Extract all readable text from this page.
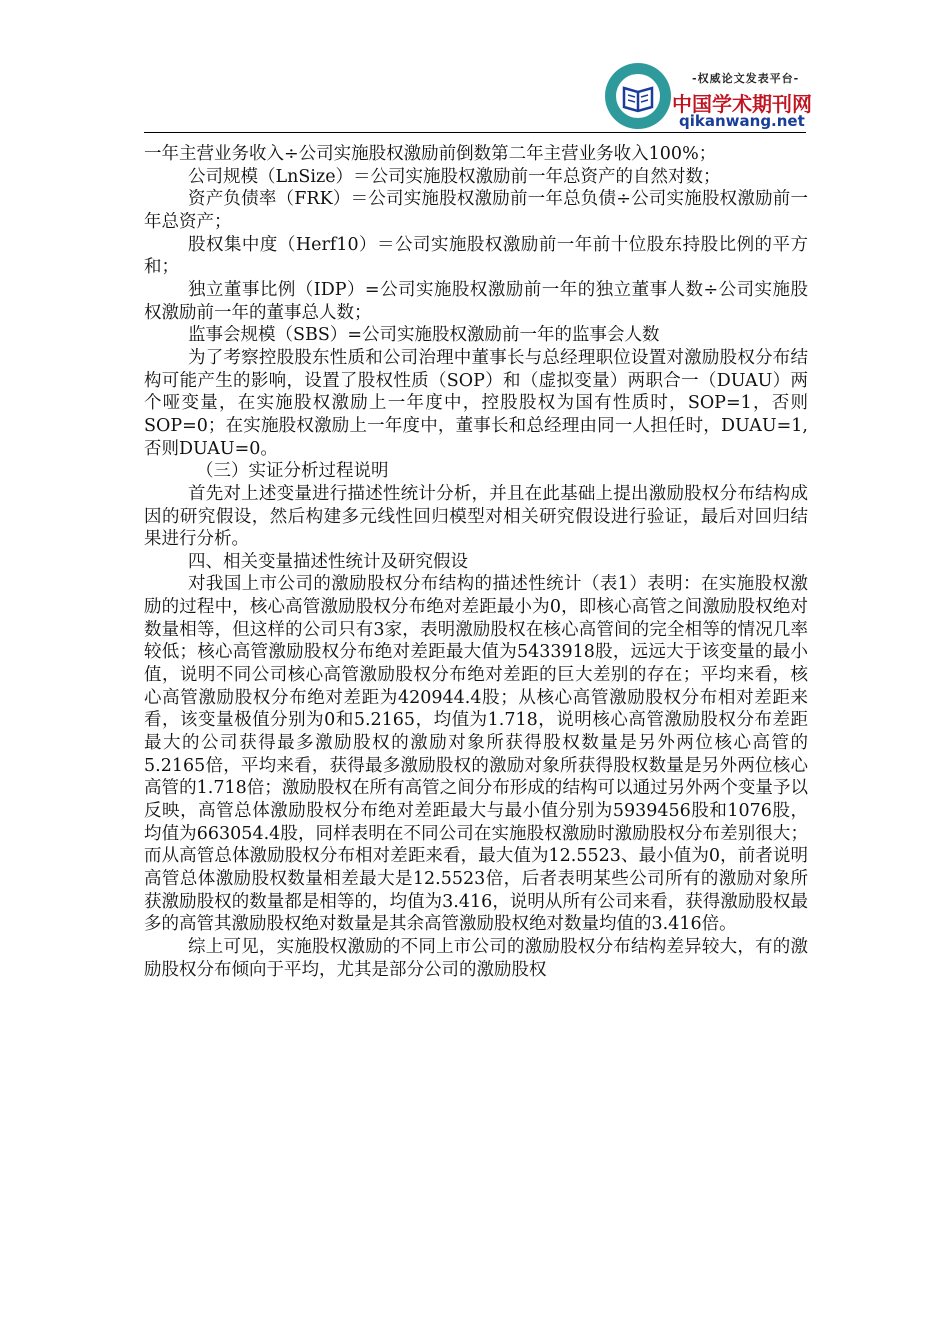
-权威论文发表平台-
中国学术期刊网
qikanwang.net

一年主营业务收入÷公司实施股权激励前倒数第二年主营业务收入100%；

公司规模（LnSize）＝公司实施股权激励前一年总资产的自然对数；

资产负债率（FRK）＝公司实施股权激励前一年总负债÷公司实施股权激励前一年总资产；

股权集中度（Herf10）＝公司实施股权激励前一年前十位股东持股比例的平方和；

独立董事比例（IDP）=公司实施股权激励前一年的独立董事人数÷公司实施股权激励前一年的董事总人数；

监事会规模（SBS）=公司实施股权激励前一年的监事会人数

为了考察控股股东性质和公司治理中董事长与总经理职位设置对激励股权分布结构可能产生的影响，设置了股权性质（SOP）和（虚拟变量）两职合一（DUAU）两个哑变量，在实施股权激励上一年度中，控股股权为国有性质时，SOP=1，否则SOP=0；在实施股权激励上一年度中，董事长和总经理由同一人担任时，DUAU=1,否则DUAU=0。

（三）实证分析过程说明

首先对上述变量进行描述性统计分析，并且在此基础上提出激励股权分布结构成因的研究假设，然后构建多元线性回归模型对相关研究假设进行验证，最后对回归结果进行分析。

四、相关变量描述性统计及研究假设

对我国上市公司的激励股权分布结构的描述性统计（表1）表明：在实施股权激励的过程中，核心高管激励股权分布绝对差距最小为0，即核心高管之间激励股权绝对数量相等，但这样的公司只有3家，表明激励股权在核心高管间的完全相等的情况几率较低；核心高管激励股权分布绝对差距最大值为5433918股，远远大于该变量的最小值，说明不同公司核心高管激励股权分布绝对差距的巨大差别的存在；平均来看，核心高管激励股权分布绝对差距为420944.4股；从核心高管激励股权分布相对差距来看，该变量极值分别为0和5.2165，均值为1.718，说明核心高管激励股权分布差距最大的公司获得最多激励股权的激励对象所获得股权数量是另外两位核心高管的5.2165倍，平均来看，获得最多激励股权的激励对象所获得股权数量是另外两位核心高管的1.718倍；激励股权在所有高管之间分布形成的结构可以通过另外两个变量予以反映，高管总体激励股权分布绝对差距最大与最小值分别为5939456股和1076股，均值为663054.4股，同样表明在不同公司在实施股权激励时激励股权分布差别很大；而从高管总体激励股权分布相对差距来看，最大值为12.5523、最小值为0，前者说明高管总体激励股权数量相差最大是12.5523倍，后者表明某些公司所有的激励对象所获激励股权的数量都是相等的，均值为3.416，说明从所有公司来看，获得激励股权最多的高管其激励股权绝对数量是其余高管激励股权绝对数量均值的3.416倍。

综上可见，实施股权激励的不同上市公司的激励股权分布结构差异较大，有的激励股权分布倾向于平均，尤其是部分公司的激励股权
